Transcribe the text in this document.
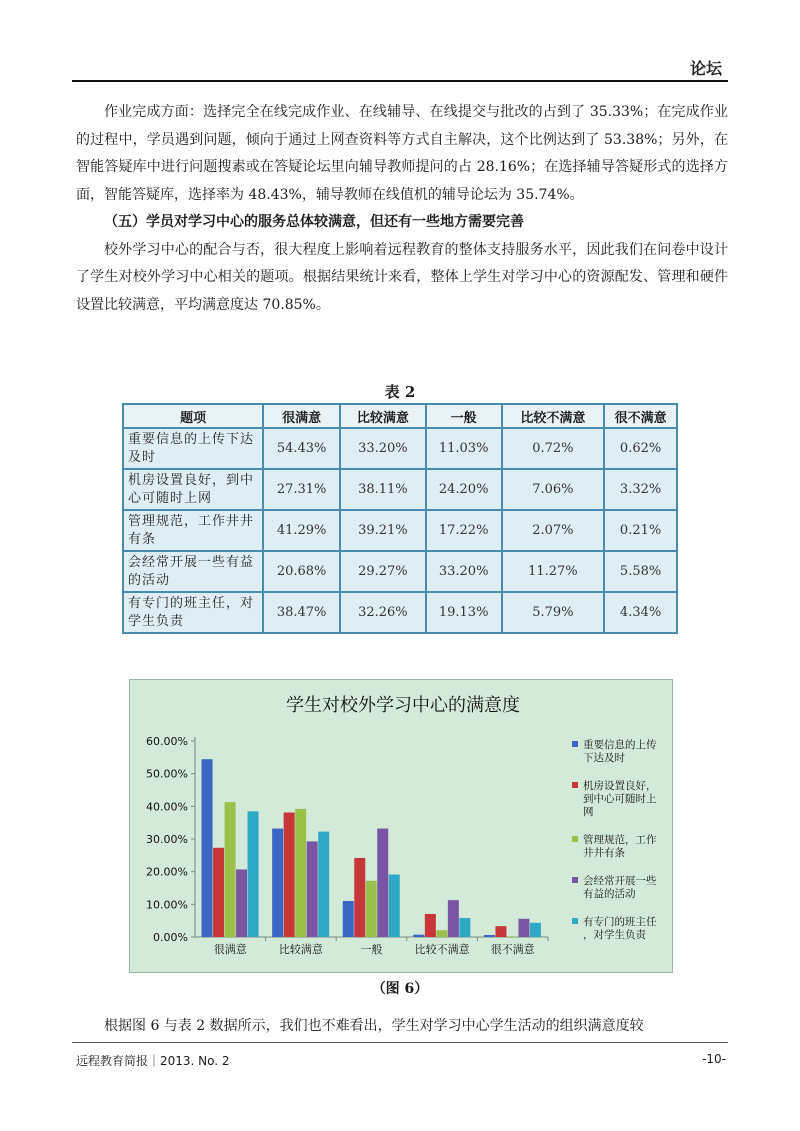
论坛

作业完成方面：选择完全在线完成作业、在线辅导、在线提交与批改的占到了 35.33%；在完成作业的过程中，学员遇到问题，倾向于通过上网查资料等方式自主解决，这个比例达到了 53.38%；另外，在智能答疑库中进行问题搜素或在答疑论坛里向辅导教师提问的占 28.16%；在选择辅导答疑形式的选择方面，智能答疑库，选择率为 48.43%，辅导教师在线值机的辅导论坛为 35.74%。

（五）学员对学习中心的服务总体较满意，但还有一些地方需要完善

校外学习中心的配合与否，很大程度上影响着远程教育的整体支持服务水平，因此我们在问卷中设计了学生对校外学习中心相关的题项。根据结果统计来看，整体上学生对学习中心的资源配发、管理和硬件设置比较满意，平均满意度达 70.85%。

表 2
题项	很满意	比较满意	一般	比较不满意	很不满意
重要信息的上传下达及时	54.43%	33.20%	11.03%	0.72%	0.62%
机房设置良好，到中心可随时上网	27.31%	38.11%	24.20%	7.06%	3.32%
管理规范，工作井井有条	41.29%	39.21%	17.22%	2.07%	0.21%
会经常开展一些有益的活动	20.68%	29.27%	33.20%	11.27%	5.58%
有专门的班主任，对学生负责	38.47%	32.26%	19.13%	5.79%	4.34%
学生对校外学习中心的满意度
0.00%
10.00%
20.00%
30.00%
40.00%
50.00%
60.00%
很满意	比较满意	一般	比较不满意 很不满意
重要信息的上传
下达及时
机房设置良好，
到中心可随时上
网
管理规范，工作
井井有条
会经常开展一些
有益的活动
有专门的班主任
，对学生负责
（图 6）
根据图 6 与表 2 数据所示，我们也不难看出，学生对学习中心学生活动的组织满意度较
远程教育简报｜2013. No. 2	-10-
